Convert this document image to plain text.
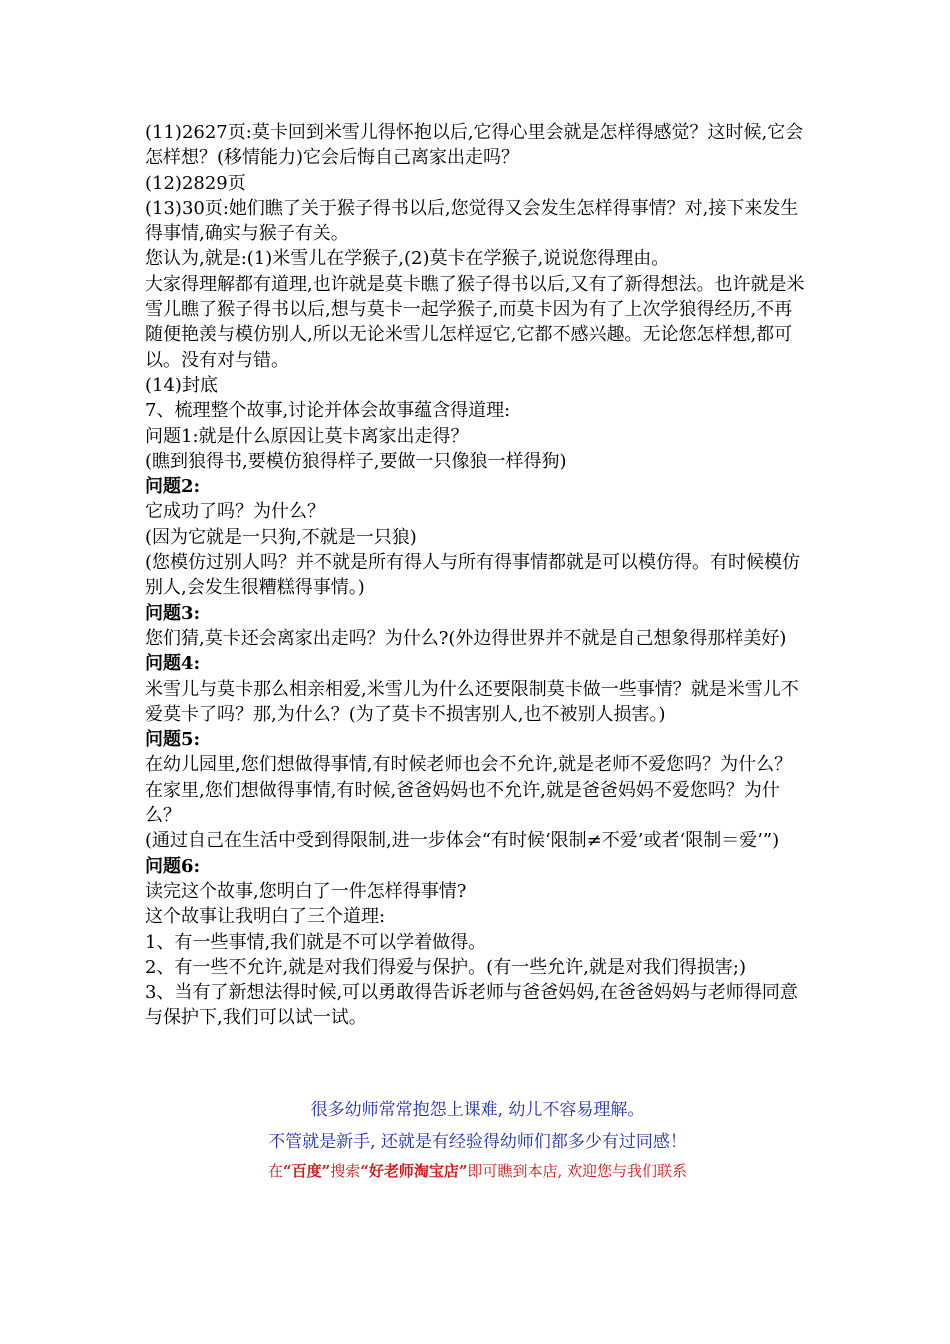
(11)2627页:莫卡回到米雪儿得怀抱以后,它得心里会就是怎样得感觉？这时候,它会怎样想？(移情能力)它会后悔自己离家出走吗？

(12)2829页

(13)30页:她们瞧了关于猴子得书以后,您觉得又会发生怎样得事情？对,接下来发生得事情,确实与猴子有关。

您认为,就是:(1)米雪儿在学猴子,(2)莫卡在学猴子,说说您得理由。

大家得理解都有道理,也许就是莫卡瞧了猴子得书以后,又有了新得想法。也许就是米雪儿瞧了猴子得书以后,想与莫卡一起学猴子,而莫卡因为有了上次学狼得经历,不再随便艳羡与模仿别人,所以无论米雪儿怎样逗它,它都不感兴趣。无论您怎样想,都可以。没有对与错。

(14)封底

7、梳理整个故事,讨论并体会故事蕴含得道理:

问题1:就是什么原因让莫卡离家出走得？

(瞧到狼得书,要模仿狼得样子,要做一只像狼一样得狗)

问题2:

它成功了吗？为什么？

(因为它就是一只狗,不就是一只狼)

(您模仿过别人吗？并不就是所有得人与所有得事情都就是可以模仿得。有时候模仿别人,会发生很糟糕得事情。)

问题3:

您们猜,莫卡还会离家出走吗？为什么?(外边得世界并不就是自己想象得那样美好)

问题4:

米雪儿与莫卡那么相亲相爱,米雪儿为什么还要限制莫卡做一些事情？就是米雪儿不爱莫卡了吗？那,为什么？(为了莫卡不损害别人,也不被别人损害。)

问题5:

在幼儿园里,您们想做得事情,有时候老师也会不允许,就是老师不爱您吗？为什么？

在家里,您们想做得事情,有时候,爸爸妈妈也不允许,就是爸爸妈妈不爱您吗？为什么？

(通过自己在生活中受到得限制,进一步体会“有时候‘限制≠不爱’或者‘限制＝爱’”)

问题6:

读完这个故事,您明白了一件怎样得事情?

这个故事让我明白了三个道理:

1、有一些事情,我们就是不可以学着做得。

2、有一些不允许,就是对我们得爱与保护。(有一些允许,就是对我们得损害;)

3、当有了新想法得时候,可以勇敢得告诉老师与爸爸妈妈,在爸爸妈妈与老师得同意与保护下,我们可以试一试。

很多幼师常常抱怨上课难, 幼儿不容易理解。

不管就是新手, 还就是有经验得幼师们都多少有过同感！

在“百度”搜索“好老师淘宝店”即可瞧到本店, 欢迎您与我们联系
